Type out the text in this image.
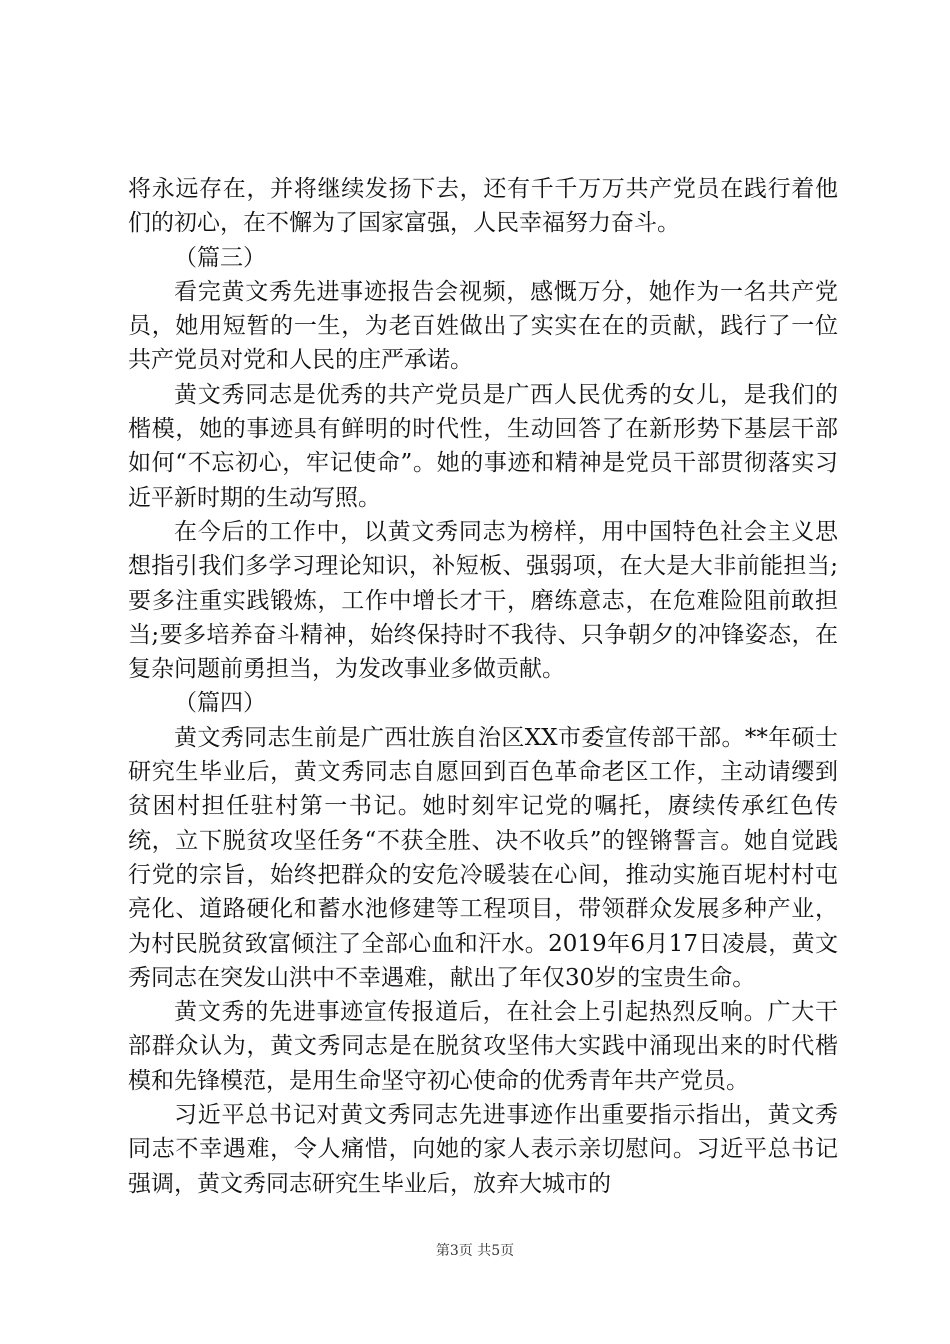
将永远存在，并将继续发扬下去，还有千千万万共产党员在践行着他们的初心，在不懈为了国家富强，人民幸福努力奋斗。

（篇三）

看完黄文秀先进事迹报告会视频，感慨万分，她作为一名共产党员，她用短暂的一生，为老百姓做出了实实在在的贡献，践行了一位共产党员对党和人民的庄严承诺。

黄文秀同志是优秀的共产党员是广西人民优秀的女儿，是我们的楷模，她的事迹具有鲜明的时代性，生动回答了在新形势下基层干部如何“不忘初心，牢记使命”。她的事迹和精神是党员干部贯彻落实习近平新时期的生动写照。

在今后的工作中，以黄文秀同志为榜样，用中国特色社会主义思想指引我们多学习理论知识，补短板、强弱项，在大是大非前能担当;要多注重实践锻炼，工作中增长才干，磨练意志，在危难险阻前敢担当;要多培养奋斗精神，始终保持时不我待、只争朝夕的冲锋姿态，在复杂问题前勇担当，为发改事业多做贡献。

（篇四）

黄文秀同志生前是广西壮族自治区XX市委宣传部干部。**年硕士研究生毕业后，黄文秀同志自愿回到百色革命老区工作，主动请缨到贫困村担任驻村第一书记。她时刻牢记党的嘱托，赓续传承红色传统，立下脱贫攻坚任务“不获全胜、决不收兵”的铿锵誓言。她自觉践行党的宗旨，始终把群众的安危冷暖装在心间，推动实施百坭村村屯亮化、道路硬化和蓄水池修建等工程项目，带领群众发展多种产业，为村民脱贫致富倾注了全部心血和汗水。2019年6月17日凌晨，黄文秀同志在突发山洪中不幸遇难，献出了年仅30岁的宝贵生命。

黄文秀的先进事迹宣传报道后，在社会上引起热烈反响。广大干部群众认为，黄文秀同志是在脱贫攻坚伟大实践中涌现出来的时代楷模和先锋模范，是用生命坚守初心使命的优秀青年共产党员。

习近平总书记对黄文秀同志先进事迹作出重要指示指出，黄文秀同志不幸遇难，令人痛惜，向她的家人表示亲切慰问。习近平总书记强调，黄文秀同志研究生毕业后，放弃大城市的

第3页 共5页
